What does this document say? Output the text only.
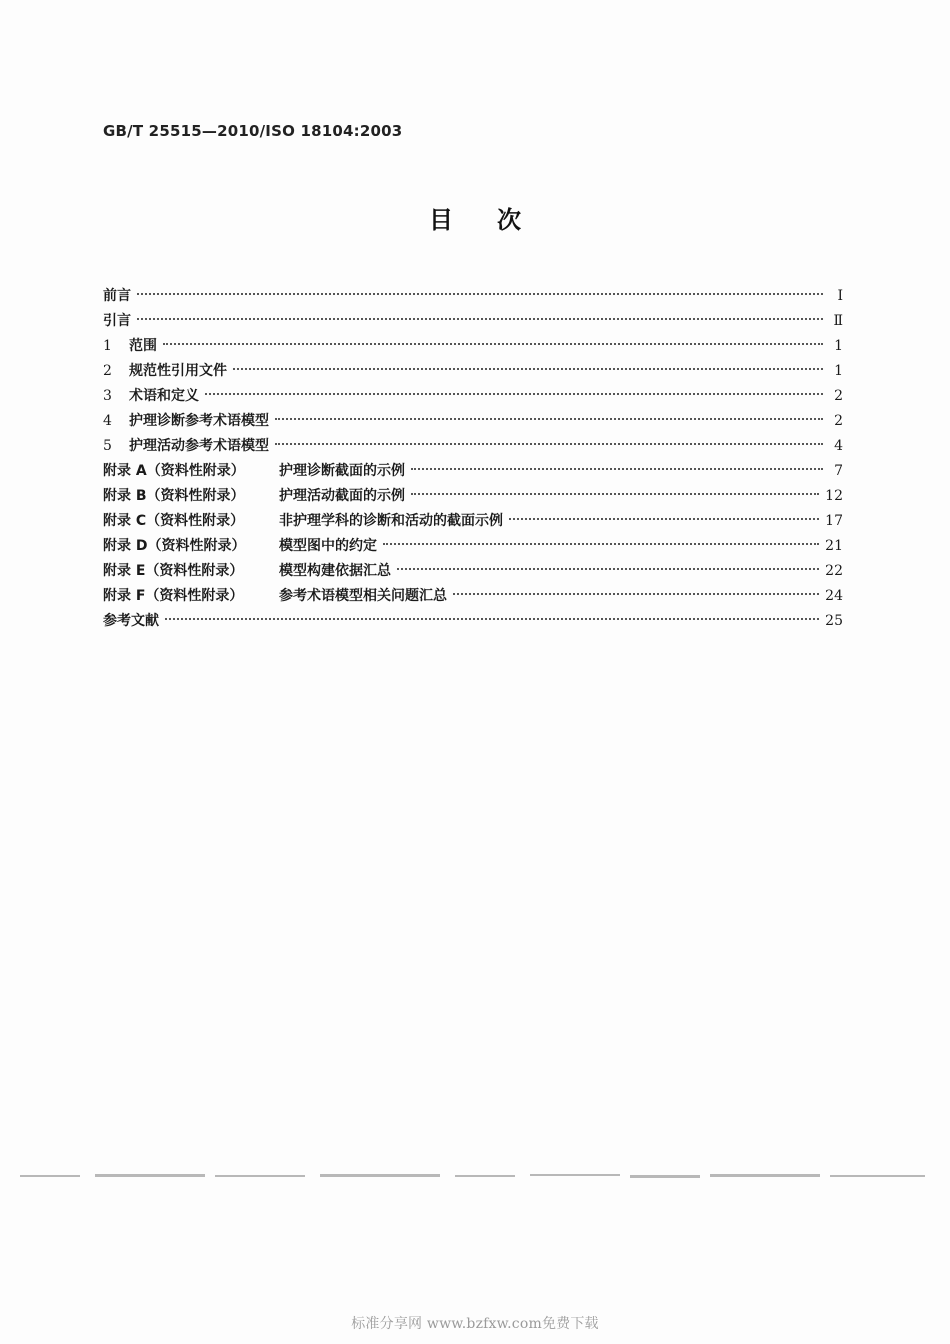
GB/T 25515—2010/ISO 18104:2003
目次
前言	Ⅰ
引言	Ⅱ
1 范围	1
2 规范性引用文件	1
3 术语和定义	2
4 护理诊断参考术语模型	2
5 护理活动参考术语模型	4
附录 A（资料性附录） 护理诊断截面的示例	7
附录 B（资料性附录） 护理活动截面的示例	12
附录 C（资料性附录） 非护理学科的诊断和活动的截面示例	17
附录 D（资料性附录） 模型图中的约定	21
附录 E（资料性附录）	模型构建依据汇总	22
附录 F（资料性附录）	参考术语模型相关问题汇总	24
参考文献	25
标准分享网 www.bzfxw.com免费下载
